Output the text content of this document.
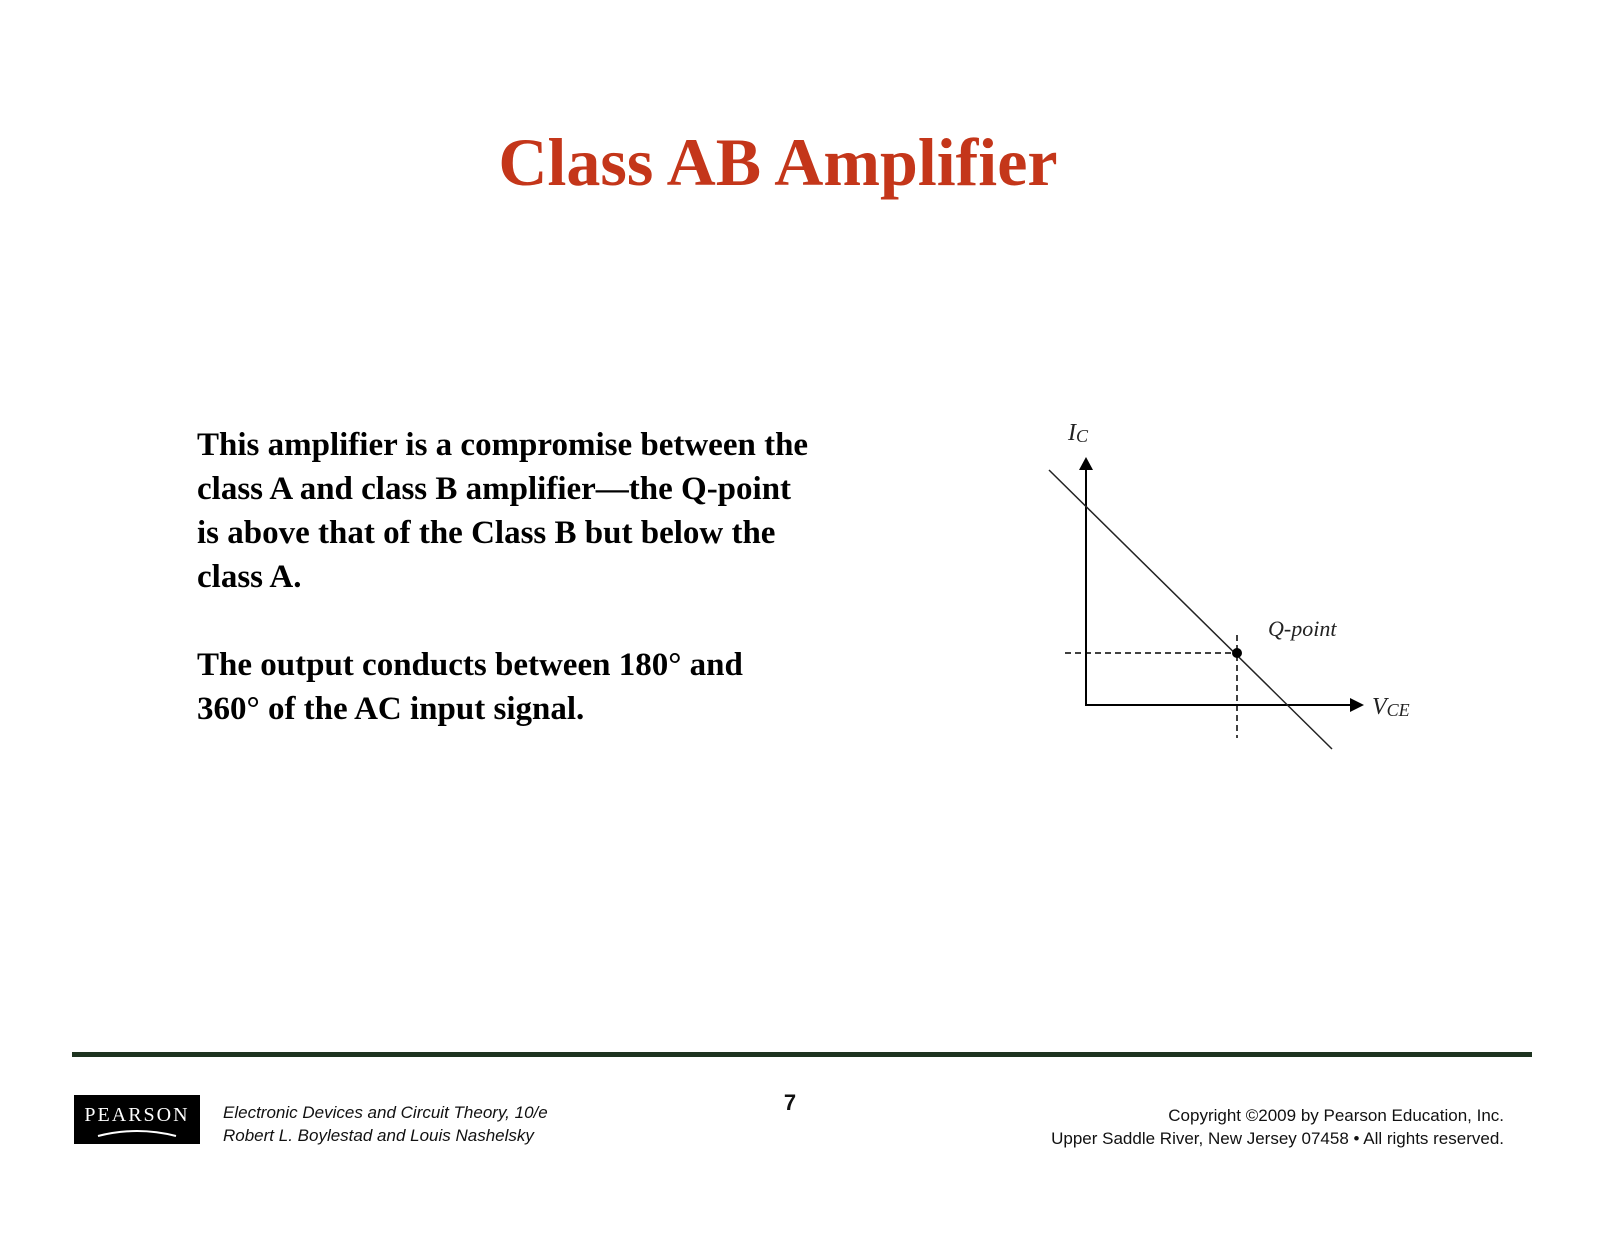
Class AB Amplifier

This amplifier is a compromise between the
class A and class B amplifier—the Q-point
is above that of the Class B but below the
class A.

The output conducts between 180° and
360° of the AC input signal.

IC
VCE
Q-point
PEARSON	Electronic Devices and Circuit Theory, 10/e
Robert L. Boylestad and Louis Nashelsky
7
Copyright ©2009 by Pearson Education, Inc.
Upper Saddle River, New Jersey 07458 • All rights reserved.
